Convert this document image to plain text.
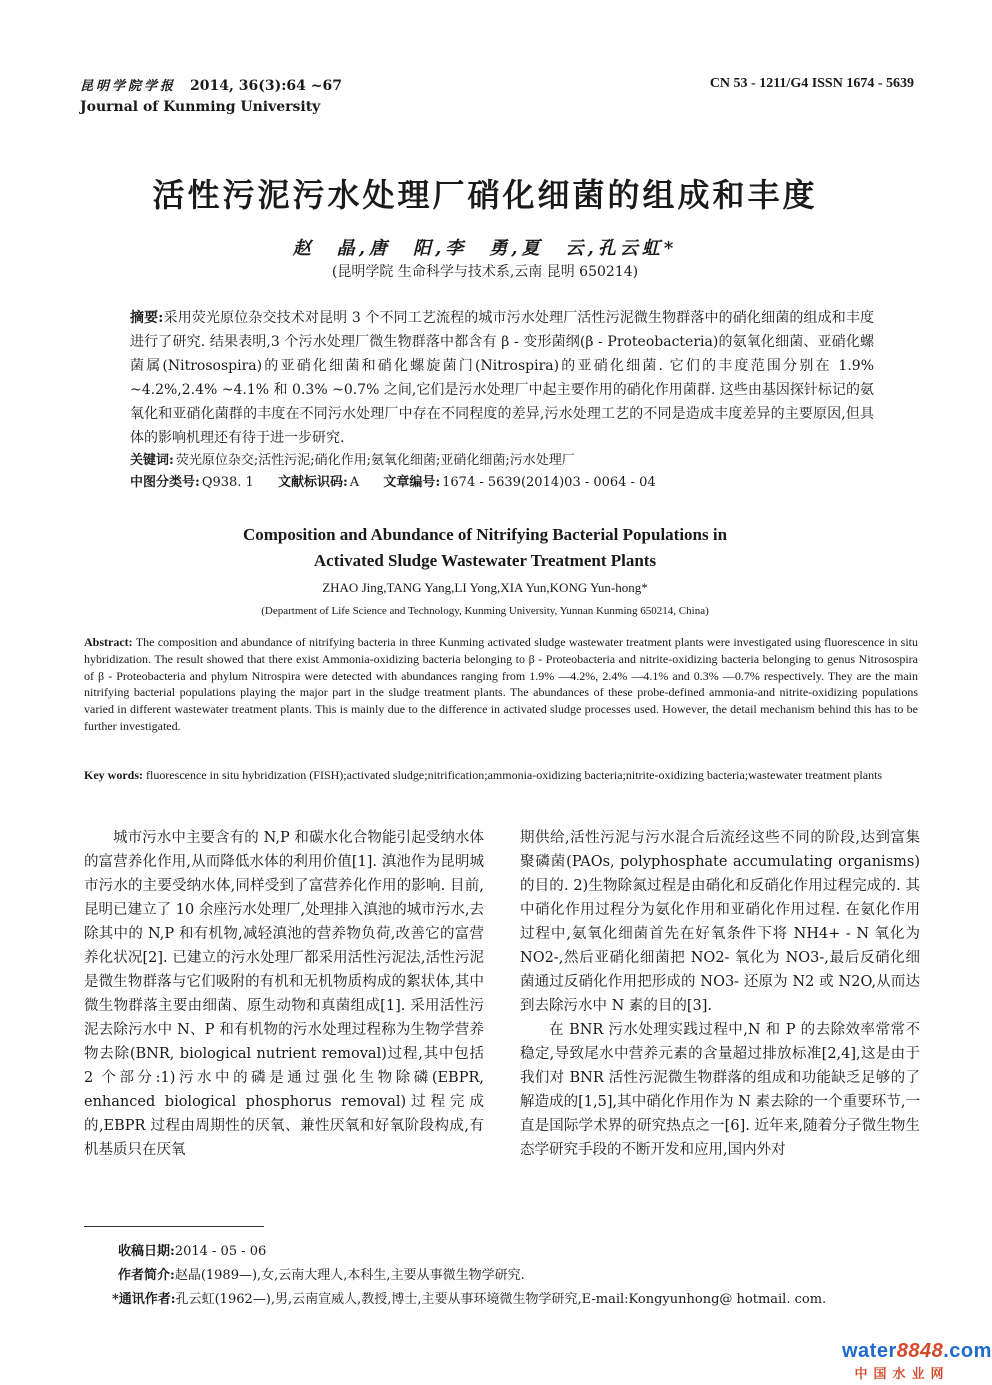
昆明学院学报 2014, 36(3):64 ~67
Journal of Kunming University
CN 53 - 1211/G4 ISSN 1674 - 5639
活性污泥污水处理厂硝化细菌的组成和丰度
赵　晶,唐　阳,李　勇,夏　云,孔云虹*
(昆明学院 生命科学与技术系,云南 昆明 650214)
摘要:采用荧光原位杂交技术对昆明 3 个不同工艺流程的城市污水处理厂活性污泥微生物群落中的硝化细菌的组成和丰度进行了研究. 结果表明,3 个污水处理厂微生物群落中都含有 β - 变形菌纲(β - Proteobacteria)的氨氧化细菌、亚硝化螺菌属(Nitrosospira)的亚硝化细菌和硝化螺旋菌门(Nitrospira)的亚硝化细菌. 它们的丰度范围分别在 1.9% ~4.2%,2.4% ~4.1% 和 0.3% ~0.7% 之间,它们是污水处理厂中起主要作用的硝化作用菌群. 这些由基因探针标记的氨氧化和亚硝化菌群的丰度在不同污水处理厂中存在不同程度的差异,污水处理工艺的不同是造成丰度差异的主要原因,但具体的影响机理还有待于进一步研究.
关键词: 荧光原位杂交;活性污泥;硝化作用;氨氧化细菌;亚硝化细菌;污水处理厂
中图分类号: Q938. 1 文献标识码: A 文章编号: 1674 - 5639(2014)03 - 0064 - 04
Composition and Abundance of Nitrifying Bacterial Populations in
Activated Sludge Wastewater Treatment Plants
ZHAO Jing,TANG Yang,LI Yong,XIA Yun,KONG Yun-hong*
(Department of Life Science and Technology, Kunming University, Yunnan Kunming 650214, China)
Abstract: The composition and abundance of nitrifying bacteria in three Kunming activated sludge wastewater treatment plants were investigated using fluorescence in situ hybridization. The result showed that there exist Ammonia-oxidizing bacteria belonging to β - Proteobacteria and nitrite-oxidizing bacteria belonging to genus Nitrosospira of β - Proteobacteria and phylum Nitrospira were detected with abundances ranging from 1.9% —4.2%, 2.4% —4.1% and 0.3% —0.7% respectively. They are the main nitrifying bacterial populations playing the major part in the sludge treatment plants. The abundances of these probe-defined ammonia-and nitrite-oxidizing populations varied in different wastewater treatment plants. This is mainly due to the difference in activated sludge processes used. However, the detail mechanism behind this has to be further investigated.
Key words: fluorescence in situ hybridization (FISH);activated sludge;nitrification;ammonia-oxidizing bacteria;nitrite-oxidizing bacteria;wastewater treatment plants

城市污水中主要含有的 N,P 和碳水化合物能引起受纳水体的富营养化作用,从而降低水体的利用价值[1]. 滇池作为昆明城市污水的主要受纳水体,同样受到了富营养化作用的影响. 目前,昆明已建立了 10 余座污水处理厂,处理排入滇池的城市污水,去除其中的 N,P 和有机物,减轻滇池的营养物负荷,改善它的富营养化状况[2]. 已建立的污水处理厂都采用活性污泥法,活性污泥是微生物群落与它们吸附的有机和无机物质构成的絮状体,其中微生物群落主要由细菌、原生动物和真菌组成[1]. 采用活性污泥去除污水中 N、P 和有机物的污水处理过程称为生物学营养物去除(BNR, biological nutrient removal)过程,其中包括 2 个部分:1)污水中的磷是通过强化生物除磷(EBPR, enhanced biological phosphorus removal)过程完成的,EBPR 过程由周期性的厌氧、兼性厌氧和好氧阶段构成,有机基质只在厌氧

期供给,活性污泥与污水混合后流经这些不同的阶段,达到富集聚磷菌(PAOs, polyphosphate accumulating organisms)的目的. 2)生物除氮过程是由硝化和反硝化作用过程完成的. 其中硝化作用过程分为氨化作用和亚硝化作用过程. 在氨化作用过程中,氨氧化细菌首先在好氧条件下将 NH4+ - N 氧化为 NO2-,然后亚硝化细菌把 NO2- 氧化为 NO3-,最后反硝化细菌通过反硝化作用把形成的 NO3- 还原为 N2 或 N2O,从而达到去除污水中 N 素的目的[3].

在 BNR 污水处理实践过程中,N 和 P 的去除效率常常不稳定,导致尾水中营养元素的含量超过排放标准[2,4],这是由于我们对 BNR 活性污泥微生物群落的组成和功能缺乏足够的了解造成的[1,5],其中硝化作用作为 N 素去除的一个重要环节,一直是国际学术界的研究热点之一[6]. 近年来,随着分子微生物生态学研究手段的不断开发和应用,国内外对

收稿日期:2014 - 05 - 06
作者简介:赵晶(1989—),女,云南大理人,本科生,主要从事微生物学研究.
*通讯作者:孔云虹(1962—),男,云南宣威人,教授,博士,主要从事环境微生物学研究,E-mail:Kongyunhong@ hotmail. com.
water8848.com
中国水业网
